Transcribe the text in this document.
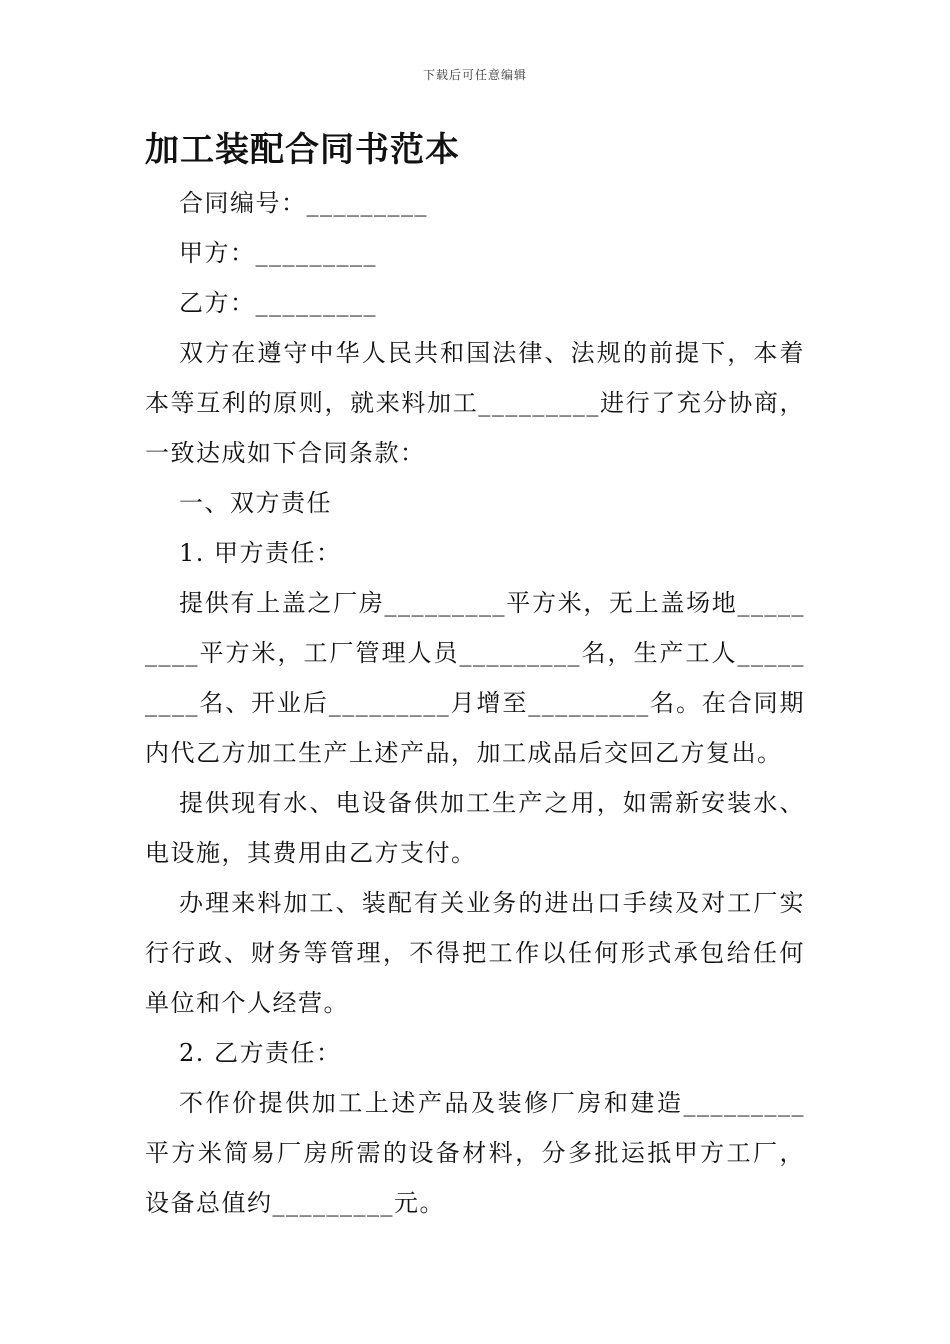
下载后可任意编辑
加工装配合同书范本

合同编号：_________

甲方：_________

乙方：_________

双方在遵守中华人民共和国法律、法规的前提下，本着本等互利的原则，就来料加工_________进行了充分协商，一致达成如下合同条款：

一、双方责任

1. 甲方责任：

提供有上盖之厂房_________平方米，无上盖场地_________平方米，工厂管理人员_________名，生产工人_________名、开业后_________月增至_________名。在合同期内代乙方加工生产上述产品，加工成品后交回乙方复出。

提供现有水、电设备供加工生产之用，如需新安装水、电设施，其费用由乙方支付。

办理来料加工、装配有关业务的进出口手续及对工厂实行行政、财务等管理，不得把工作以任何形式承包给任何单位和个人经营。

2. 乙方责任：

不作价提供加工上述产品及装修厂房和建造_________平方米简易厂房所需的设备材料，分多批运抵甲方工厂，设备总值约_________元。
